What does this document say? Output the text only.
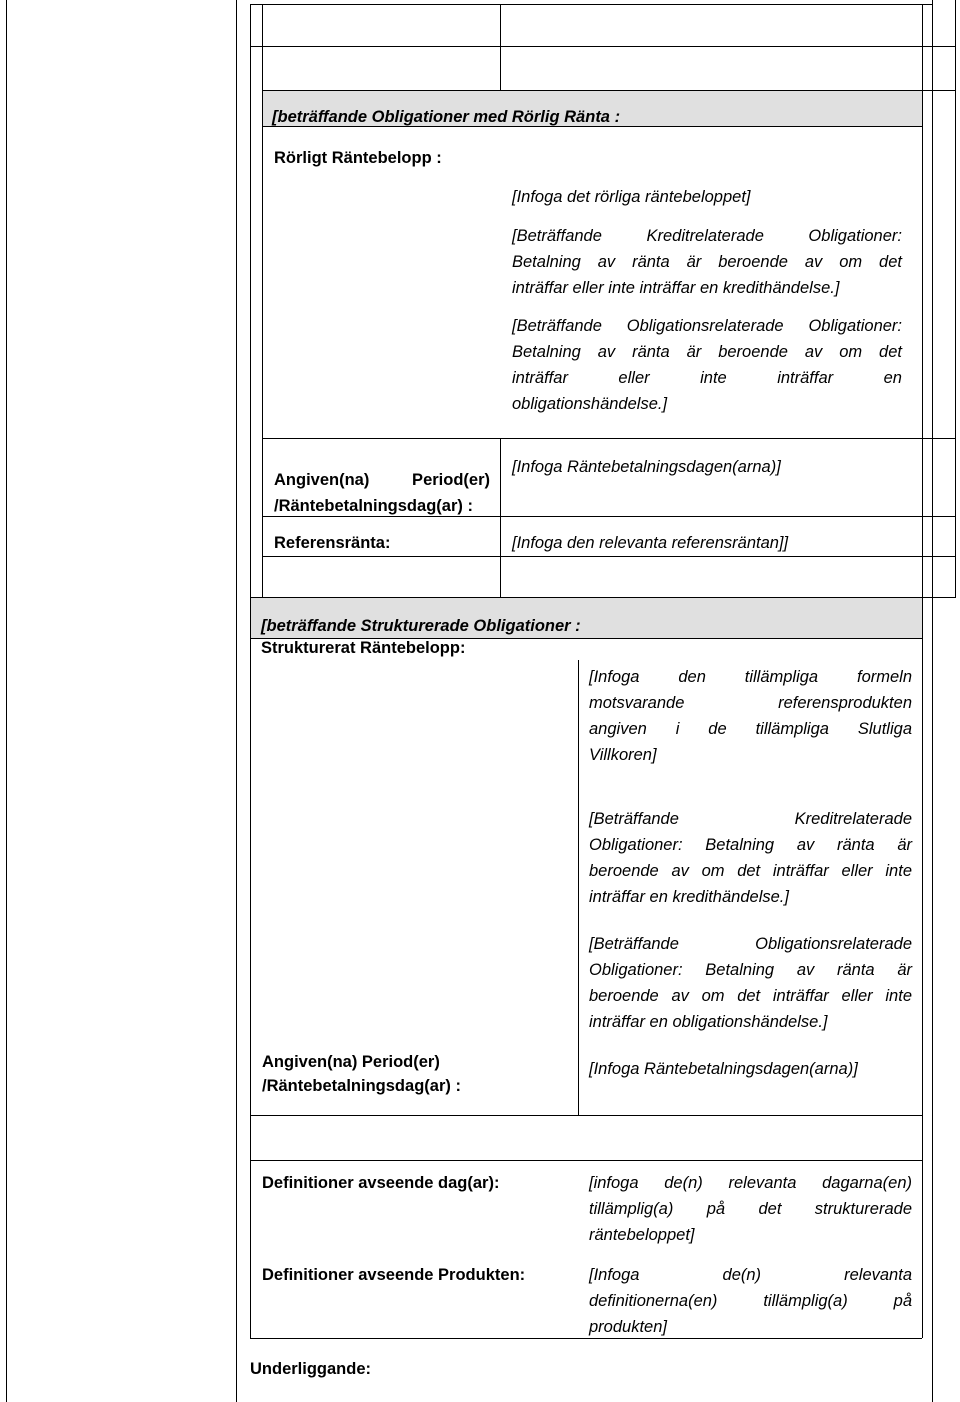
[beträffande Obligationer med Rörlig Ränta :

Rörligt Räntebelopp :

[Infoga det rörliga räntebeloppet]

[Beträffande Kreditrelaterade Obligationer:
Betalning av ränta är beroende av om det
inträffar eller inte inträffar en kredithändelse.]
[Beträffande Obligationsrelaterade Obligationer:
Betalning av ränta är beroende av om det
inträffar eller inte inträffar en
obligationshändelse.]
Angiven(na) Period(er)
/Räntebetalningsdag(ar) :

[Infoga Räntebetalningsdagen(arna)]

Referensränta:	[Infoga den relevanta referensräntan]]

[beträffande Strukturerade Obligationer :

Strukturerat Räntebelopp:

[Infoga den tillämpliga formeln
motsvarande referensprodukten
angiven i de tillämpliga Slutliga
Villkoren]
[Beträffande Kreditrelaterade
Obligationer: Betalning av ränta är
beroende av om det inträffar eller inte
inträffar en kredithändelse.]
[Beträffande Obligationsrelaterade
Obligationer: Betalning av ränta är
beroende av om det inträffar eller inte
inträffar en obligationshändelse.]
Angiven(na) Period(er)
/Räntebetalningsdag(ar) :

[Infoga Räntebetalningsdagen(arna)]

Definitioner avseende dag(ar):	[infoga de(n) relevanta dagarna(en)
tillämplig(a) på det strukturerade
räntebeloppet]

Definitioner avseende Produkten:	[Infoga de(n) relevanta
definitionerna(en) tillämplig(a) på
produkten]

Underliggande:
